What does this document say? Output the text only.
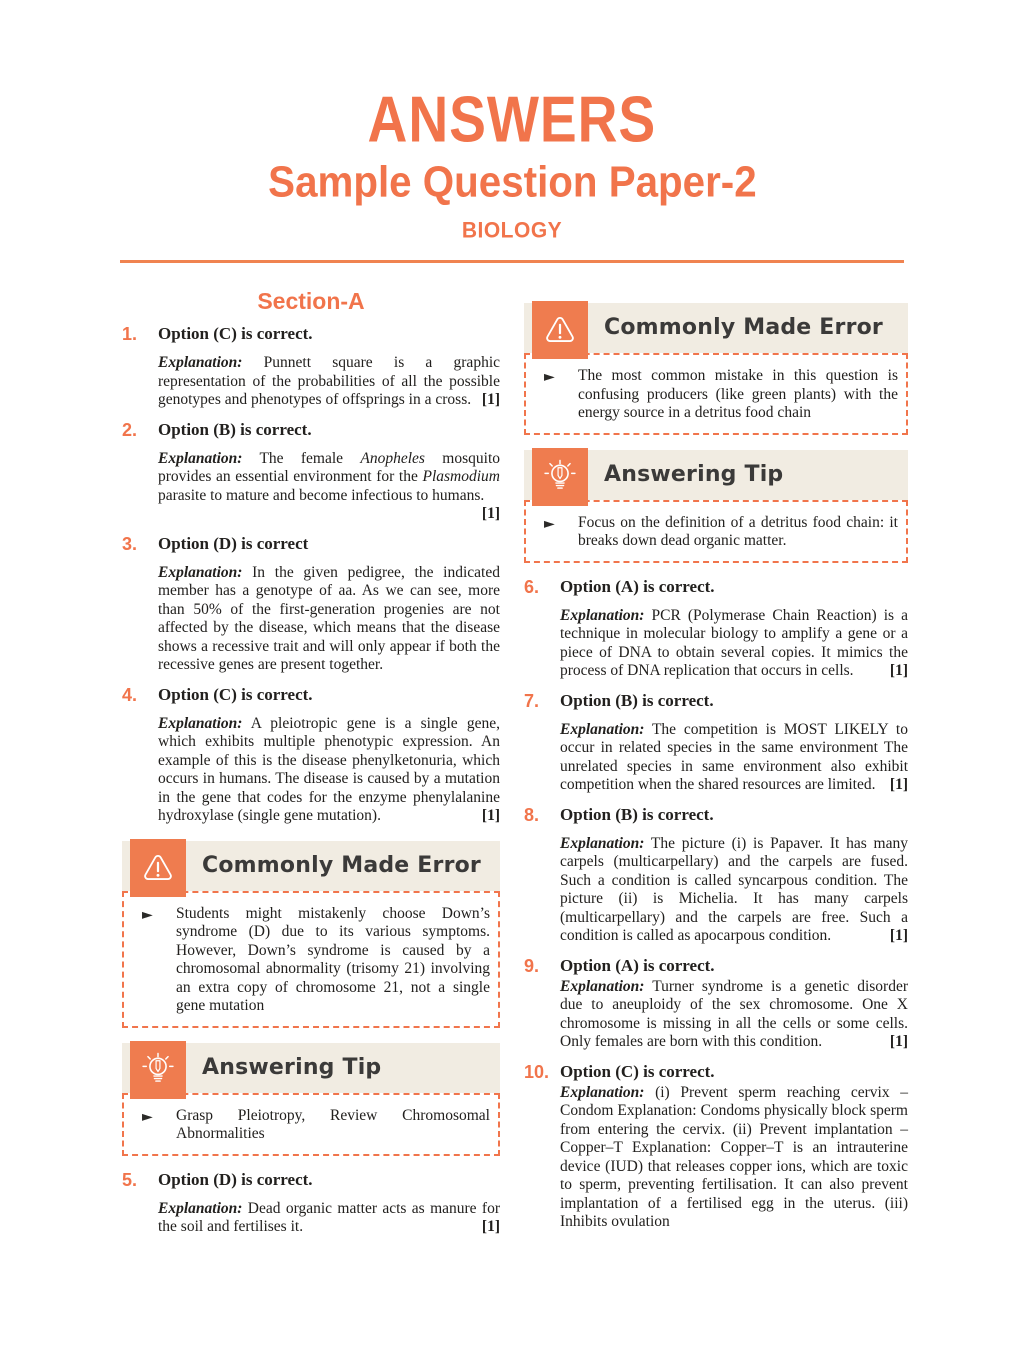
ANSWERS
Sample Question Paper-2
BIOLOGY
Section-A
1.	Option (C) is correct.

Explanation: Punnett square is a graphic representation of the probabilities of all the possible genotypes and phenotypes of offsprings in a cross. [1]

2.	Option (B) is correct.

Explanation: The female Anopheles mosquito provides an essential environment for the Plasmodium parasite to mature and become infectious to humans.
[1]

3.	Option (D) is correct

Explanation: In the given pedigree, the indicated member has a genotype of aa. As we can see, more than 50% of the first-generation progenies are not affected by the disease, which means that the disease shows a recessive trait and will only appear if both the recessive genes are present together.

4.	Option (C) is correct.

Explanation: A pleiotropic gene is a single gene, which exhibits multiple phenotypic expression. An example of this is the disease phenylketonuria, which occurs in humans. The disease is caused by a mutation in the gene that codes for the enzyme phenylalanine hydroxylase (single gene mutation).	[1]

Commonly Made Error
►	Students might mistakenly choose Down’s syndrome (D) due to its various symptoms. However, Down’s syndrome is caused by a chromosomal abnormality (trisomy 21) involving an extra copy of chromosome 21, not a single gene mutation

Answering Tip
►	Grasp Pleiotropy, Review Chromosomal Abnormalities

5.	Option (D) is correct.

Explanation: Dead organic matter acts as manure for the soil and fertilises it.	[1]

Commonly Made Error
►	The most common mistake in this question is confusing producers (like green plants) with the energy source in a detritus food chain

Answering Tip
►	Focus on the definition of a detritus food chain: it breaks down dead organic matter.

6.	Option (A) is correct.

Explanation: PCR (Polymerase Chain Reaction) is a technique in molecular biology to amplify a gene or a piece of DNA to obtain several copies. It mimics the process of DNA replication that occurs in cells. [1]

7.	Option (B) is correct.

Explanation: The competition is MOST LIKELY to occur in related species in the same environment The unrelated species in same environment also exhibit competition when the shared resources are limited. [1]

8.	Option (B) is correct.

Explanation: The picture (i) is Papaver. It has many carpels (multicarpellary) and the carpels are fused. Such a condition is called syncarpous condition. The picture (ii) is Michelia. It has many carpels (multicarpellary) and the carpels are free. Such a condition is called as apocarpous condition.	[1]

9.	Option (A) is correct.

Explanation: Turner syndrome is a genetic disorder due to aneuploidy of the sex chromosome. One X chromosome is missing in all the cells or some cells. Only females are born with this condition.	[1]

10. Option (C) is correct.

Explanation: (i) Prevent sperm reaching cervix – Condom Explanation: Condoms physically block sperm from entering the cervix. (ii) Prevent implantation – Copper–T Explanation: Copper–T is an intrauterine device (IUD) that releases copper ions, which are toxic to sperm, preventing fertilisation. It can also prevent implantation of a fertilised egg in the uterus. (iii) Inhibits ovulation
